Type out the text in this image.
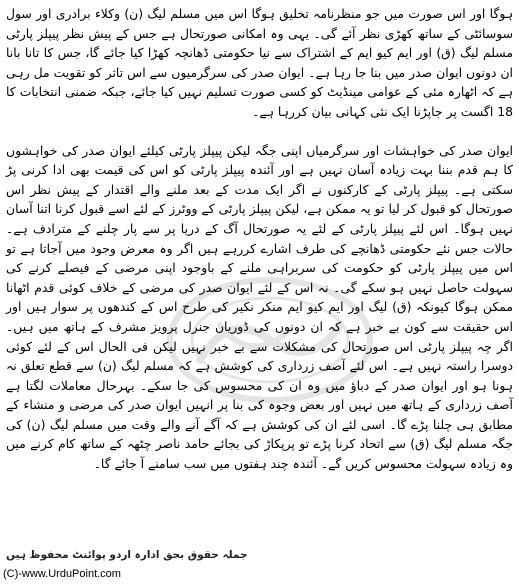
ہوگا اور اس صورت میں جو منظرنامہ تخلیق ہوگا اس میں مسلم لیگ (ن) وکلاء برادری اور سول سوسائٹی کے ساتھ کھڑی نظر آئے گی۔ یہی وہ امکانی صورتحال ہے جس کے پیش نظر پیپلز پارٹی مسلم لیگ (ق) اور ایم کیو ایم کے اشتراک سے نیا حکومتی ڈھانچہ کھڑا کیا جائے گا، جس کا تانا بانا ان دونوں ایوان صدر میں بنا جا رہا ہے۔ ایوان صدر کی سرگرمیوں سے اس تاثر کو تقویت مل رہی ہے کہ اٹھارہ مئی کے عوامی مینڈیٹ کو کسی صورت تسلیم نہیں کیا جائے، جبکہ ضمنی انتخابات کا 18 اگست پر جاپڑنا ایک نئی کہانی بیان کررہا ہے۔

ایوان صدر کی خواہشات اور سرگرمیاں اپنی جگہ لیکن پیپلز پارٹی کیلئے ایوان صدر کی خواہشوں کا ہم قدم بننا بہت زیادہ آسان نہیں ہے اور آئندہ پیپلز پارٹی کو اس کی قیمت بھی ادا کرنی پڑ سکتی ہے۔ پیپلز پارٹی کے کارکنوں نے اگر ایک مدت کے بعد ملنے والے اقتدار کے پیش نظر اس صورتحال کو قبول کر لیا تو یہ ممکن ہے، لیکن پیپلز پارٹی کے ووٹرز کے لئے اسے قبول کرنا اتنا آسان نہیں ہوگا۔ اس لئے پیپلز پارٹی کے لئے یہ صورتحال آگ کے دریا پر سے پار چلنے کے مترادف ہے۔ حالات جس نئے حکومتی ڈھانچے کی طرف اشارے کررہے ہیں اگر وہ معرض وجود میں آجاتا ہے تو اس میں پیپلز پارٹی کو حکومت کی سربراہی ملنے کے باوجود اپنی مرضی کے فیصلے کرنے کی سہولت حاصل نہیں ہو سکے گی۔ نہ اس کے لئے ایوان صدر کی مرضی کے خلاف کوئی قدم اٹھانا ممکن ہوگا کیونکہ (ق) لیگ اور ایم کیو ایم منکر نکیر کی طرح اس کے کندھوں پر سوار ہیں اور اس حقیقت سے کون بے خبر ہے کہ ان دونوں کی ڈوریاں جنرل پرویز مشرف کے ہاتھ میں ہیں۔ اگر چہ پیپلز پارٹی اس صورتحال کی مشکلات سے بے خبر نہیں لیکن فی الحال اس کے لئے کوئی دوسرا راستہ نہیں ہے۔ اس لئے آصف زرداری کی کوشش ہے کہ مسلم لیگ (ن) سے قطع تعلق نہ ہونا ہو اور ایوان صدر کے دباؤ میں وہ ان کی محسوس کی جا سکے۔ بہرحال معاملات لگتا ہے آصف زرداری کے ہاتھ میں نہیں اور بعض وجوہ کی بنا پر انہیں ایوان صدر کی مرضی و منشاء کے مطابق ہی چلنا پڑے گا۔ اسی لئے ان کی کوشش ہے کہ آگے آنے والے وقت میں مسلم لیگ (ن) کی جگہ مسلم لیگ (ق) سے اتحاد کرنا پڑے تو پرپکاڑ کی بجائے حامد ناصر چٹھہ کے ساتھ کام کرنے میں وہ زیادہ سہولت محسوس کریں گے۔ آئندہ چند ہفتوں میں سب سامنے آ جائے گا۔

جملہ حقوق بحق ادارہ اردو پوائنٹ محفوظ ہیں
(C)-www.UrduPoint.com
